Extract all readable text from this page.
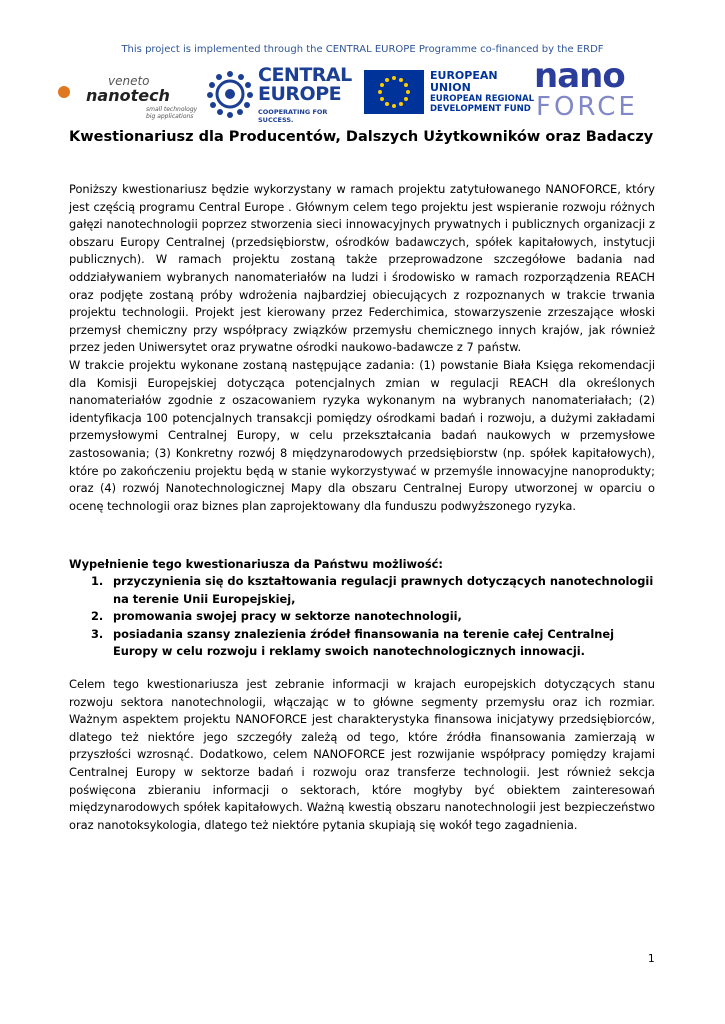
This project is implemented through the CENTRAL EUROPE Programme co-financed by the ERDF
veneto
nanotech
small technology
big applications
CENTRAL
EUROPE
COOPERATING FOR SUCCESS.
EUROPEAN UNION
EUROPEAN REGIONAL
DEVELOPMENT FUND
nano
FORCE
Kwestionariusz dla Producentów, Dalszych Użytkowników oraz Badaczy
Poniższy kwestionariusz będzie wykorzystany w ramach projektu zatytułowanego NANOFORCE, który jest częścią programu Central Europe . Głównym celem tego projektu jest wspieranie rozwoju różnych gałęzi nanotechnologii poprzez stworzenia sieci innowacyjnych prywatnych i publicznych organizacji z obszaru Europy Centralnej (przedsiębiorstw, ośrodków badawczych, spółek kapitałowych, instytucji publicznych). W ramach projektu zostaną także przeprowadzone szczegółowe badania nad oddziaływaniem wybranych nanomateriałów na ludzi i środowisko w ramach rozporządzenia REACH oraz podjęte zostaną próby wdrożenia najbardziej obiecujących z rozpoznanych w trakcie trwania projektu technologii. Projekt jest kierowany przez Federchimica, stowarzyszenie zrzeszające włoski przemysł chemiczny przy współpracy związków przemysłu chemicznego innych krajów, jak również przez jeden Uniwersytet oraz prywatne ośrodki naukowo-badawcze z 7 państw.
W trakcie projektu wykonane zostaną następujące zadania: (1) powstanie Biała Księga rekomendacji dla Komisji Europejskiej dotycząca potencjalnych zmian w regulacji REACH dla określonych nanomateriałów zgodnie z oszacowaniem ryzyka wykonanym na wybranych nanomateriałach; (2) identyfikacja 100 potencjalnych transakcji pomiędzy ośrodkami badań i rozwoju, a dużymi zakładami przemysłowymi Centralnej Europy, w celu przekształcania badań naukowych w przemysłowe zastosowania; (3) Konkretny rozwój 8 międzynarodowych przedsiębiorstw (np. spółek kapitałowych), które po zakończeniu projektu będą w stanie wykorzystywać w przemyśle innowacyjne nanoprodukty; oraz (4) rozwój Nanotechnologicznej Mapy dla obszaru Centralnej Europy utworzonej w oparciu o ocenę technologii oraz biznes plan zaprojektowany dla funduszu podwyższonego ryzyka.
Wypełnienie tego kwestionariusza da Państwu możliwość:
1. przyczynienia się do kształtowania regulacji prawnych dotyczących nanotechnologii na terenie Unii Europejskiej,
2. promowania swojej pracy w sektorze nanotechnologii,
3. posiadania szansy znalezienia źródeł finansowania na terenie całej Centralnej Europy w celu rozwoju i reklamy swoich nanotechnologicznych innowacji.
Celem tego kwestionariusza jest zebranie informacji w krajach europejskich dotyczących stanu rozwoju sektora nanotechnologii, włączając w to główne segmenty przemysłu oraz ich rozmiar. Ważnym aspektem projektu NANOFORCE jest charakterystyka finansowa inicjatywy przedsiębiorców, dlatego też niektóre jego szczegóły zależą od tego, które źródła finansowania zamierzają w przyszłości wzrosnąć. Dodatkowo, celem NANOFORCE jest rozwijanie współpracy pomiędzy krajami Centralnej Europy w sektorze badań i rozwoju oraz transferze technologii. Jest również sekcja poświęcona zbieraniu informacji o sektorach, które mogłyby być obiektem zainteresowań międzynarodowych spółek kapitałowych. Ważną kwestią obszaru nanotechnologii jest bezpieczeństwo oraz nanotoksykologia, dlatego też niektóre pytania skupiają się wokół tego zagadnienia.
1
